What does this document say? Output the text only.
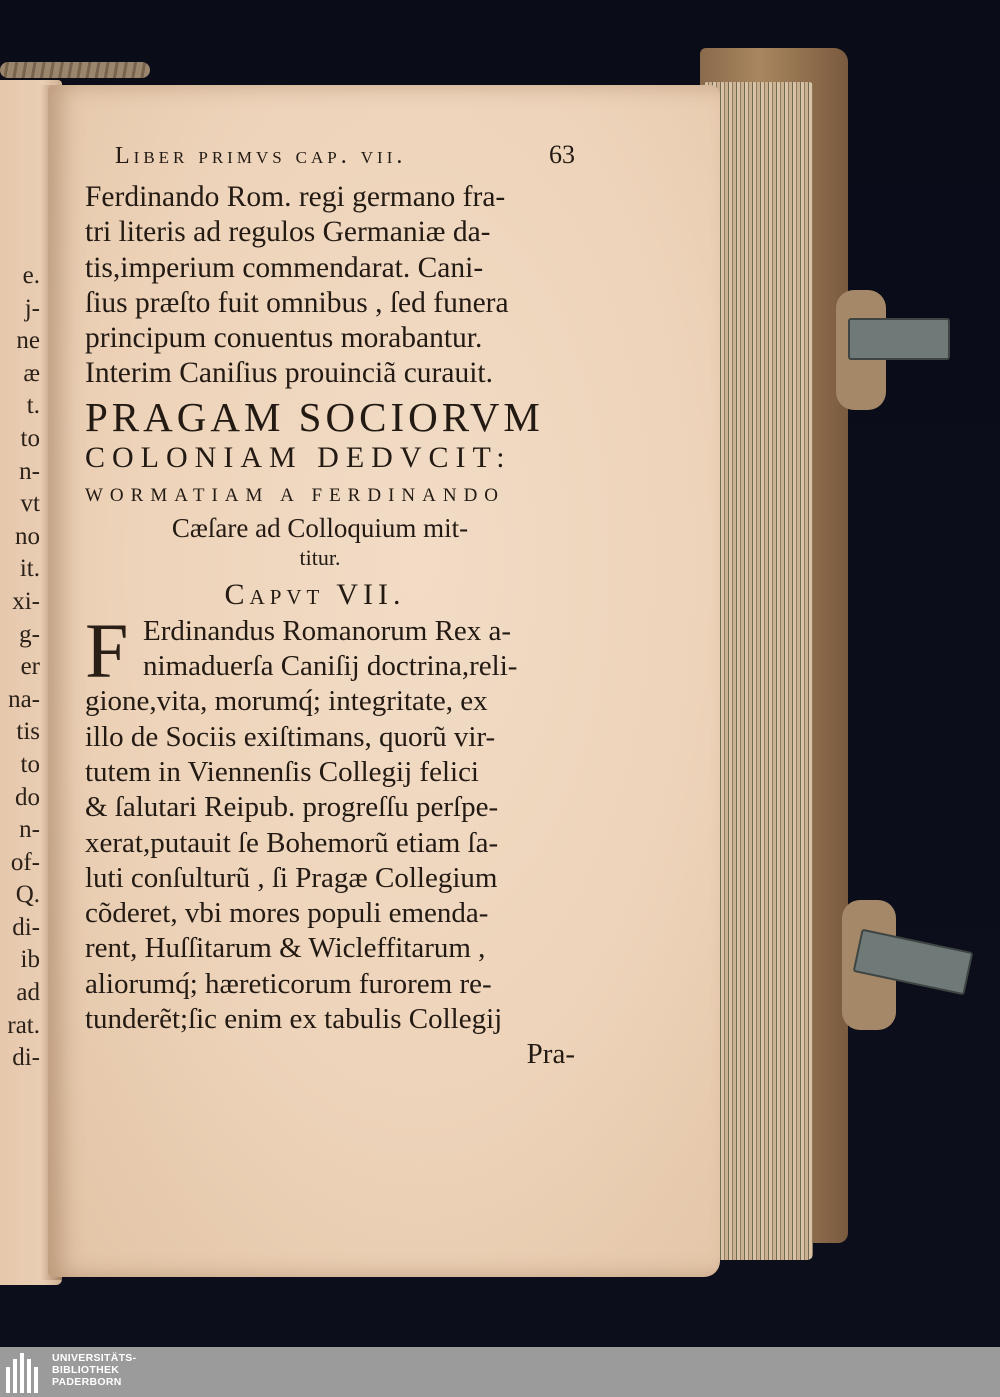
e.
j-
ne
æ
t.
to
n-
vt
no
it.
xi-
g-
er
na-
tis
to
do
n-
of-
Q.
di-
ib
ad
rat.
di-
Liber primvs cap. vii.	63
Ferdinando Rom. regi germano fra-
tri literis ad regulos Germaniæ da-
tis,imperium commendarat. Cani-
ſius præſto fuit omnibus , ſed funera
principum conuentus morabantur.
Interim Caniſius prouinciã curauit.
PRAGAM SOCIORVM
COLONIAM DEDVCIT:
WORMATIAM A FERDINANDO
Cæſare ad Colloquium mit-
titur.
Capvt VII.
F Erdinandus Romanorum Rex a-
nimaduerſa Caniſij doctrina,reli-
gione,vita, morumq́; integritate, ex
illo de Sociis exiſtimans, quorũ vir-
tutem in Viennenſis Collegij felici
& ſalutari Reipub. progreſſu perſpe-
xerat,putauit ſe Bohemorũ etiam ſa-
luti conſulturũ , ſi Pragæ Collegium
cõderet, vbi mores populi emenda-
rent, Huſſitarum & Wicleffitarum ,
aliorumq́; hæreticorum furorem re-
tunderẽt;ſic enim ex tabulis Collegij
Pra-
UNIVERSITÄTS-
BIBLIOTHEK
PADERBORN
